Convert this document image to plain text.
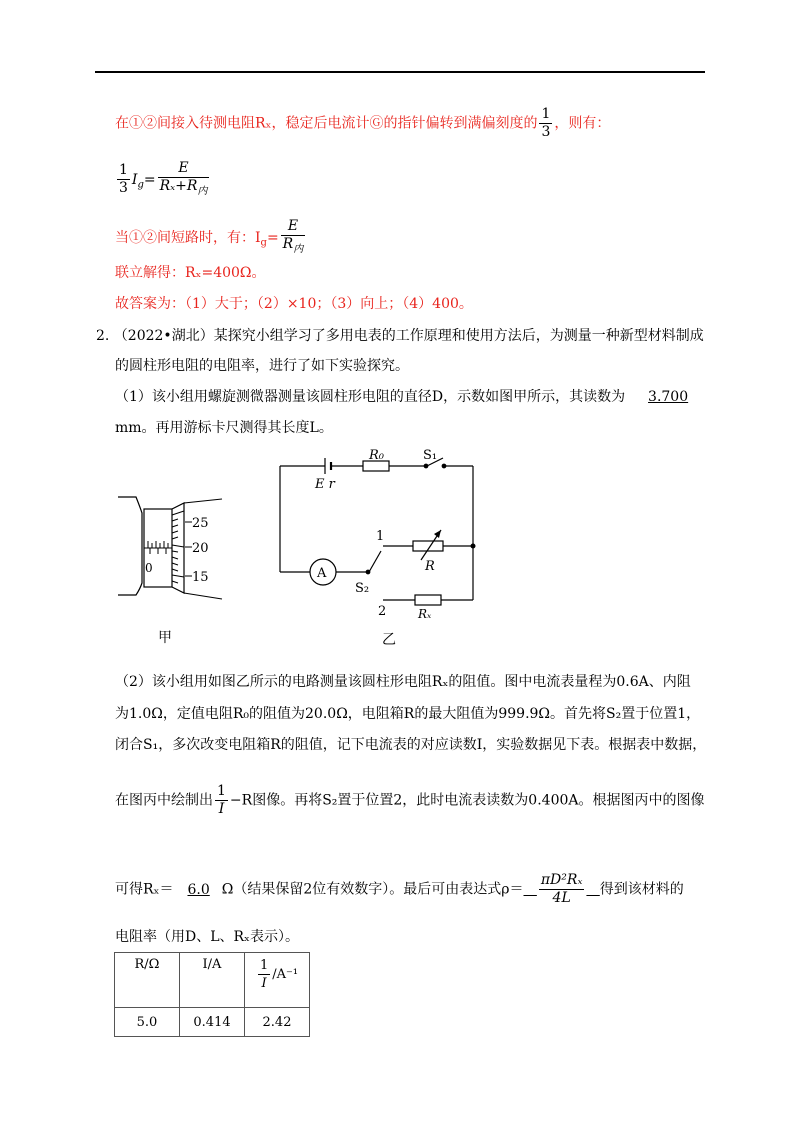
在①②间接入待测电阻Rₓ，稳定后电流计Ⓖ的指针偏转到满偏刻度的 $\frac{1}{3}$ ，则有：
$\frac{1}{3} I_g= \frac{E}{R_x+R_内}$
当①②间短路时，有：$I_g= \frac{E}{R_内}$
联立解得：Rₓ=400Ω。
故答案为：（1）大于；（2）×10；（3）向上；（4）400。
2. （2022•湖北）某探究小组学习了多用电表的工作原理和使用方法后，为测量一种新型材料制成
的圆柱形电阻的电阻率，进行了如下实验探究。
（1）该小组用螺旋测微器测量该圆柱形电阻的直径D，示数如图甲所示，其读数为 3.700
mm。再用游标卡尺测得其长度L。
0
25
20
15
甲
A
R₀	S₁
E r
1
R
S₂
2	Rₓ
乙
（2）该小组用如图乙所示的电路测量该圆柱形电阻Rₓ的阻值。图中电流表量程为0.6A、内阻
为1.0Ω，定值电阻R₀的阻值为20.0Ω，电阻箱R的最大阻值为999.9Ω。首先将S₂置于位置1，
闭合S₁，多次改变电阻箱R的阻值，记下电流表的对应读数I，实验数据见下表。根据表中数据，
在图丙中绘制出 $\frac{1}{I} -R$图像。再将S₂置于位置2，此时电流表读数为0.400A。根据图丙中的图像
可得Rₓ＝ 6.0 Ω（结果保留2位有效数字）。最后可由表达式$\rho= \frac{\text{πD²Rₓ}}{4L}$ 得到该材料的
电阻率（用D、L、Rₓ表示）。
R/Ω	I/A	$\frac{1}{I} /A^{-1}$
5.0	0.414	2.42
